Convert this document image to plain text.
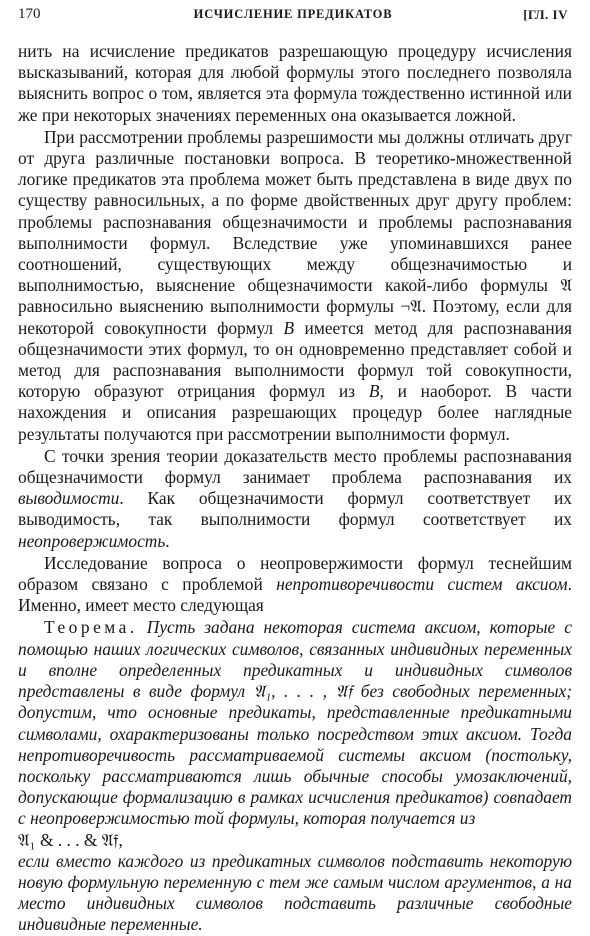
170	ИСЧИСЛЕНИЕ ПРЕДИКАТОВ	[ГЛ. IV

нить на исчисление предикатов разрешающую процедуру исчисления высказываний, которая для любой формулы этого последнего позволяла выяснить вопрос о том, является эта формула тождественно истинной или же при некоторых значениях переменных она оказывается ложной.

При рассмотрении проблемы разрешимости мы должны отличать друг от друга различные постановки вопроса. В теоретико-множественной логике предикатов эта проблема может быть представлена в виде двух по существу равносильных, а по форме двойственных друг другу проблем: проблемы распознавания общезначимости и проблемы распознавания выполнимости формул. Вследствие уже упоминавшихся ранее соотношений, существующих между общезначимостью и выполнимостью, выяснение общезначимости какой-либо формулы 𝔄 равносильно выяснению выполнимости формулы ¬𝔄. Поэтому, если для некоторой совокупности формул B имеется метод для распознавания общезначимости этих формул, то он одновременно представляет собой и метод для распознавания выполнимости формул той совокупности, которую образуют отрицания формул из B, и наоборот. В части нахождения и описания разрешающих процедур более наглядные результаты получаются при рассмотрении выполнимости формул.

С точки зрения теории доказательств место проблемы распознавания общезначимости формул занимает проблема распознавания их выводимости. Как общезначимости формул соответствует их выводимость, так выполнимости формул соответствует их неопровержимость.

Исследование вопроса о неопровержимости формул теснейшим образом связано с проблемой непротиворечивости систем аксиом. Именно, имеет место следующая

Теорема. Пусть задана некоторая система аксиом, которые с помощью наших логических символов, связанных индивидных переменных и вполне определенных предикатных и индивидных символов представлены в виде формул 𝔄₁, . . . , 𝔄𝔣 без свободных переменных; допустим, что основные предикаты, представленные предикатными символами, охарактеризованы только посредством этих аксиом. Тогда непротиворечивость рассматриваемой системы аксиом (постольку, поскольку рассматриваются лишь обычные способы умозаключений, допускающие формализацию в рамках исчисления предикатов) совпадает с неопровержимостью той формулы, которая получается из

𝔄₁ & . . . & 𝔄𝔣,

если вместо каждого из предикатных символов подставить некоторую новую формульную переменную с тем же самым числом аргументов, а на место индивидных символов подставить различные свободные индивидные переменные.
